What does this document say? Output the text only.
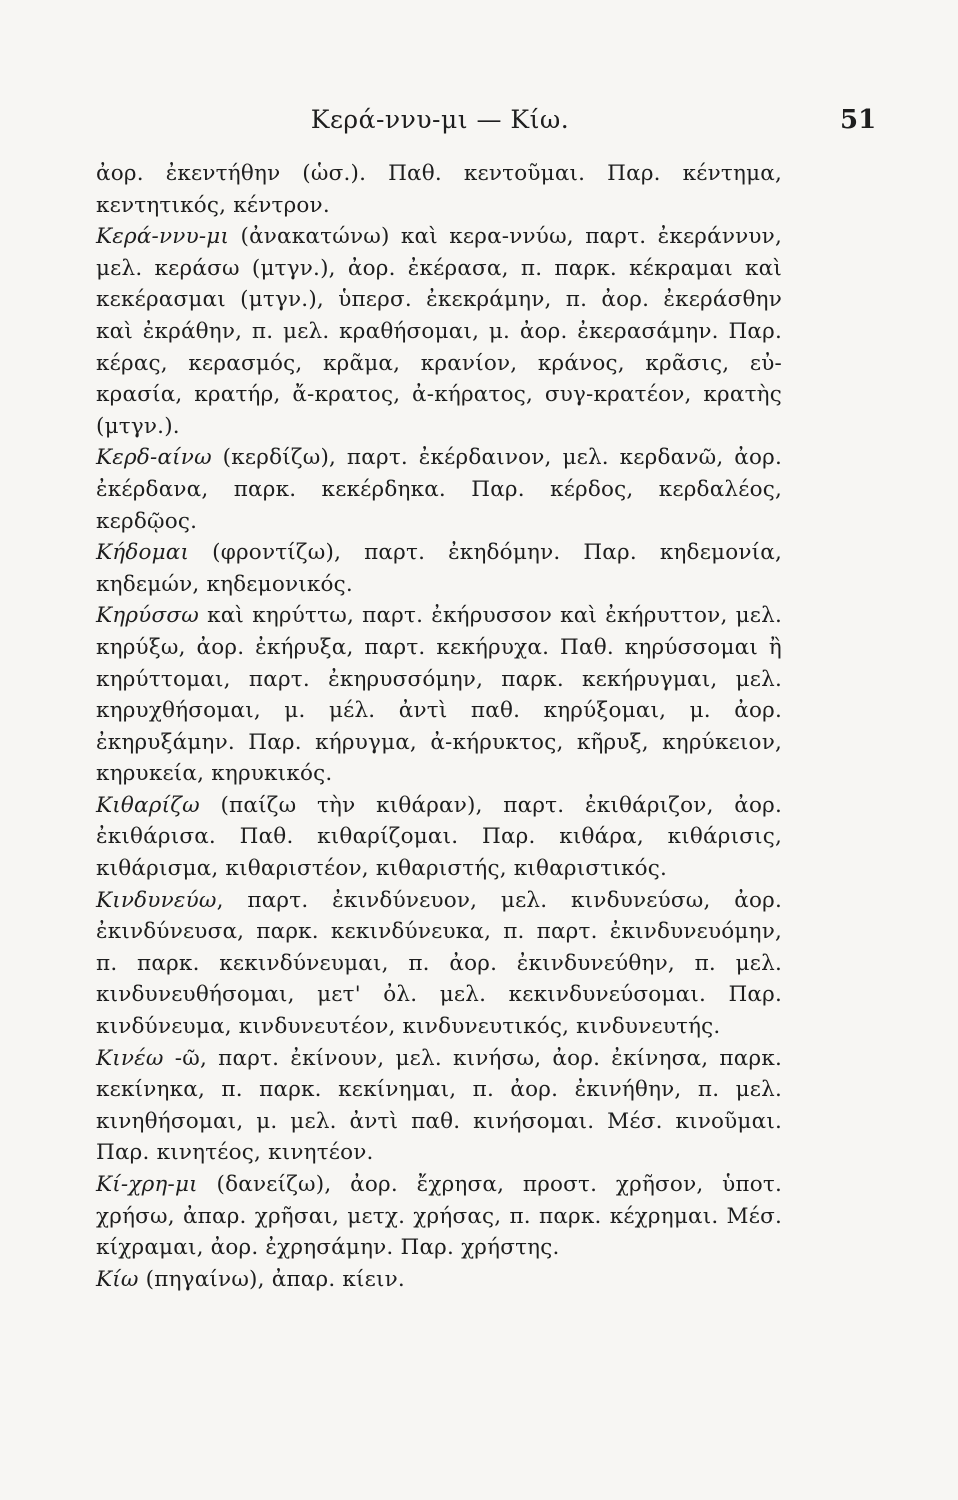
Κερά-ννυ-μι — Κίω.	51

ἀορ. ἐκεντήθην (ὡσ.). Παθ. κεντοῦμαι. Παρ. κέντημα, κεντητικός, κέντρον.

Κερά-ννυ-μι (ἀνακατώνω) καὶ κερα-ννύω, παρτ. ἐκεράννυν, μελ. κεράσω (μτγν.), ἀορ. ἐκέρασα, π. παρκ. κέκραμαι καὶ κεκέρασμαι (μτγν.), ὑπερσ. ἐκεκράμην, π. ἀορ. ἐκεράσθην καὶ ἐκράθην, π. μελ. κραθήσομαι, μ. ἀορ. ἐκερασάμην. Παρ. κέρας, κερασμός, κρᾶμα, κρανίον, κράνος, κρᾶσις, εὐ-κρασία, κρατήρ, ἄ-κρατος, ἀ-κήρατος, συγ-κρατέον, κρατὴς (μτγν.).

Κερδ-αίνω (κερδίζω), παρτ. ἐκέρδαινον, μελ. κερδανῶ, ἀορ. ἐκέρδανα, παρκ. κεκέρδηκα. Παρ. κέρδος, κερδαλέος, κερδῷος.

Κήδομαι (φροντίζω), παρτ. ἐκηδόμην. Παρ. κηδεμονία, κηδεμών, κηδεμονικός.

Κηρύσσω καὶ κηρύττω, παρτ. ἐκήρυσσον καὶ ἐκήρυττον, μελ. κηρύξω, ἀορ. ἐκήρυξα, παρτ. κεκήρυχα. Παθ. κηρύσσομαι ἢ κηρύττομαι, παρτ. ἐκηρυσσόμην, παρκ. κεκήρυγμαι, μελ. κηρυχθήσομαι, μ. μέλ. ἀντὶ παθ. κηρύξομαι, μ. ἀορ. ἐκηρυξάμην. Παρ. κήρυγμα, ἀ-κήρυκτος, κῆρυξ, κηρύκειον, κηρυκεία, κηρυκικός.

Κιθαρίζω (παίζω τὴν κιθάραν), παρτ. ἐκιθάριζον, ἀορ. ἐκιθάρισα. Παθ. κιθαρίζομαι. Παρ. κιθάρα, κιθάρισις, κιθάρισμα, κιθαριστέον, κιθαριστής, κιθαριστικός.

Κινδυνεύω, παρτ. ἐκινδύνευον, μελ. κινδυνεύσω, ἀορ. ἐκινδύνευσα, παρκ. κεκινδύνευκα, π. παρτ. ἐκινδυνευόμην, π. παρκ. κεκινδύνευμαι, π. ἀορ. ἐκινδυνεύθην, π. μελ. κινδυνευθήσομαι, μετ' ὀλ. μελ. κεκινδυνεύσομαι. Παρ. κινδύνευμα, κινδυνευτέον, κινδυνευτικός, κινδυνευτής.

Κινέω -ῶ, παρτ. ἐκίνουν, μελ. κινήσω, ἀορ. ἐκίνησα, παρκ. κεκίνηκα, π. παρκ. κεκίνημαι, π. ἀορ. ἐκινήθην, π. μελ. κινηθήσομαι, μ. μελ. ἀντὶ παθ. κινήσομαι. Μέσ. κινοῦμαι. Παρ. κινητέος, κινητέον.

Κί-χρη-μι (δανείζω), ἀορ. ἔχρησα, προστ. χρῆσον, ὑποτ. χρήσω, ἀπαρ. χρῆσαι, μετχ. χρήσας, π. παρκ. κέχρημαι. Μέσ. κίχραμαι, ἀορ. ἐχρησάμην. Παρ. χρήστης.

Κίω (πηγαίνω), ἀπαρ. κίειν.
